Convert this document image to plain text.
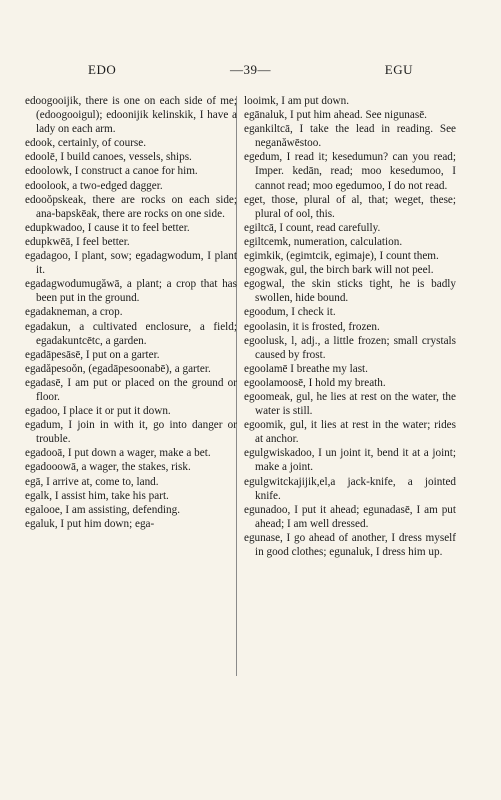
EDO	—39—	EGU
edoogooijik, there is one on each side of me; (edoogooigul); edoonijik kelinskik, I have a lady on each arm.
edook, certainly, of course.
edoolē, I build canoes, vessels, ships.
edoolowk, I construct a canoe for him.
edoolook, a two-edged dagger.
edooŏpskeak, there are rocks on each side; ana-bapskēak, there are rocks on one side.
edupkwadoo, I cause it to feel better.
edupkwēā, I feel better.
egadagoo, I plant, sow; egadagwodum, I plant it.
egadagwodumugăwā, a plant; a crop that has been put in the ground.
egadakneman, a crop.
egadakun, a cultivated enclosure, a field; egadakuntcētc, a garden.
egadāpesāsē, I put on a garter.
egadăpesoŏn, (egadāpesoonabē), a garter.
egadasē, I am put or placed on the ground or floor.
egadoo, I place it or put it down.
egadum, I join in with it, go into danger or trouble.
egadooā, I put down a wager, make a bet.
egadooowā, a wager, the stakes, risk.
egā, I arrive at, come to, land.
egalk, I assist him, take his part.
egalooe, I am assisting, defending.
egaluk, I put him down; ega-
looimk, I am put down.
egānaluk, I put him ahead. See nigunasē.
egankiltcā, I take the lead in reading. See neganăwēstoo.
egedum, I read it; kesedumun? can you read; Imper. kedān, read; moo kesedumoo, I cannot read; moo egedumoo, I do not read.
eget, those, plural of al, that; weget, these; plural of ool, this.
egiltcā, I count, read carefully.
egiltcemk, numeration, calculation.
egimkik, (egimtcik, egimaje), I count them.
egogwak, gul, the birch bark will not peel.
egogwal, the skin sticks tight, he is badly swollen, hide bound.
egoodum, I check it.
egoolasin, it is frosted, frozen.
egoolusk, l, adj., a little frozen; small crystals caused by frost.
egoolamē I breathe my last.
egoolamoosē, I hold my breath.
egoomeak, gul, he lies at rest on the water, the water is still.
egoomik, gul, it lies at rest in the water; rides at anchor.
egulgwiskadoo, I un joint it, bend it at a joint; make a joint.
egulgwitckajijik,el,a jack-knife, a jointed knife.
egunadoo, I put it ahead; egunadasē, I am put ahead; I am well dressed.
egunase, I go ahead of another, I dress myself in good clothes; egunaluk, I dress him up.
